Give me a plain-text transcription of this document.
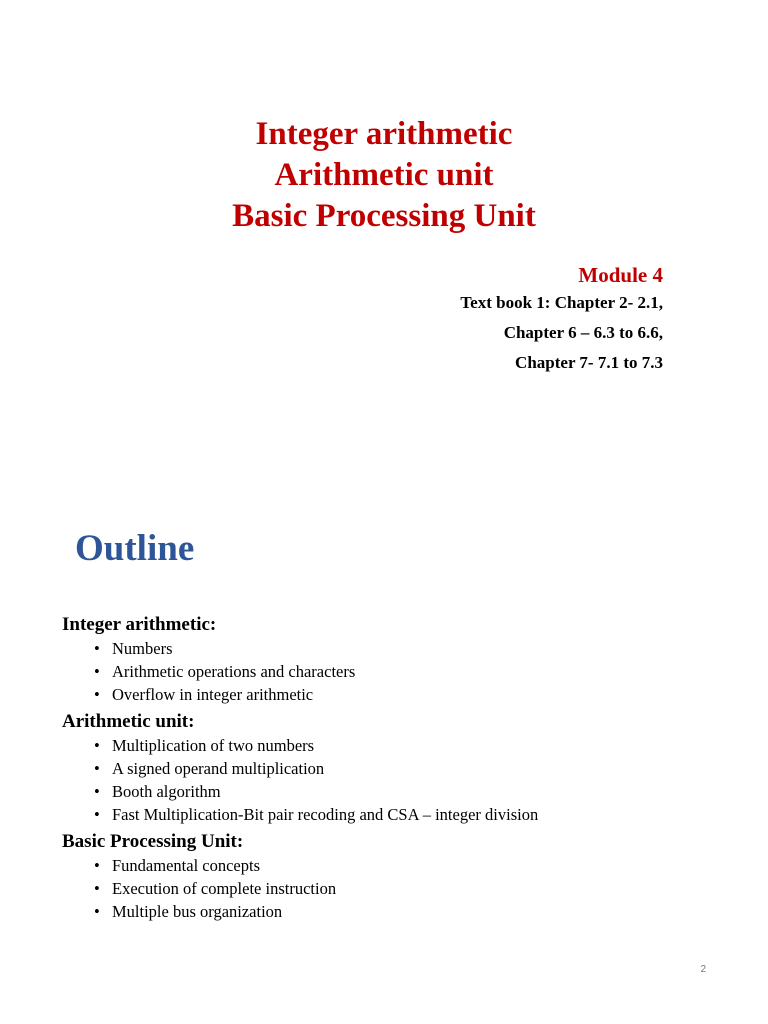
Integer arithmetic
Arithmetic unit
Basic Processing Unit
Module 4
Text book 1: Chapter 2- 2.1,
Chapter 6 – 6.3 to 6.6,
Chapter 7- 7.1 to 7.3
Outline
Integer arithmetic:
• Numbers
• Arithmetic operations and characters
• Overflow in integer arithmetic
Arithmetic unit:
• Multiplication of two numbers
• A signed operand multiplication
• Booth algorithm
• Fast Multiplication-Bit pair recoding and CSA – integer division
Basic Processing Unit:
• Fundamental concepts
• Execution of complete instruction
• Multiple bus organization
2
